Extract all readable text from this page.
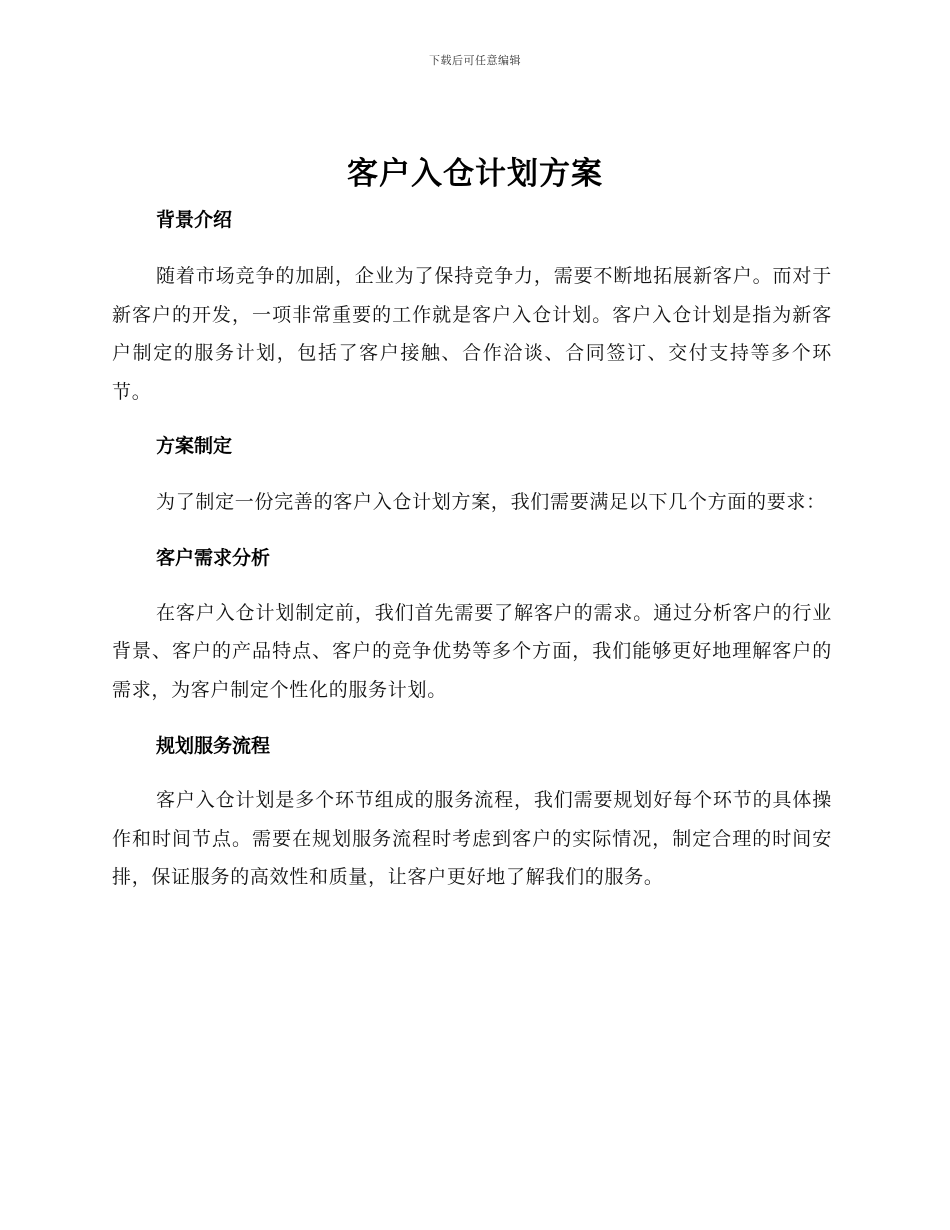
下载后可任意编辑
客户入仓计划方案
背景介绍

随着市场竞争的加剧，企业为了保持竞争力，需要不断地拓展新客户。而对于新客户的开发，一项非常重要的工作就是客户入仓计划。客户入仓计划是指为新客户制定的服务计划，包括了客户接触、合作洽谈、合同签订、交付支持等多个环节。

方案制定

为了制定一份完善的客户入仓计划方案，我们需要满足以下几个方面的要求：

客户需求分析

在客户入仓计划制定前，我们首先需要了解客户的需求。通过分析客户的行业背景、客户的产品特点、客户的竞争优势等多个方面，我们能够更好地理解客户的需求，为客户制定个性化的服务计划。

规划服务流程

客户入仓计划是多个环节组成的服务流程，我们需要规划好每个环节的具体操作和时间节点。需要在规划服务流程时考虑到客户的实际情况，制定合理的时间安排，保证服务的高效性和质量，让客户更好地了解我们的服务。
